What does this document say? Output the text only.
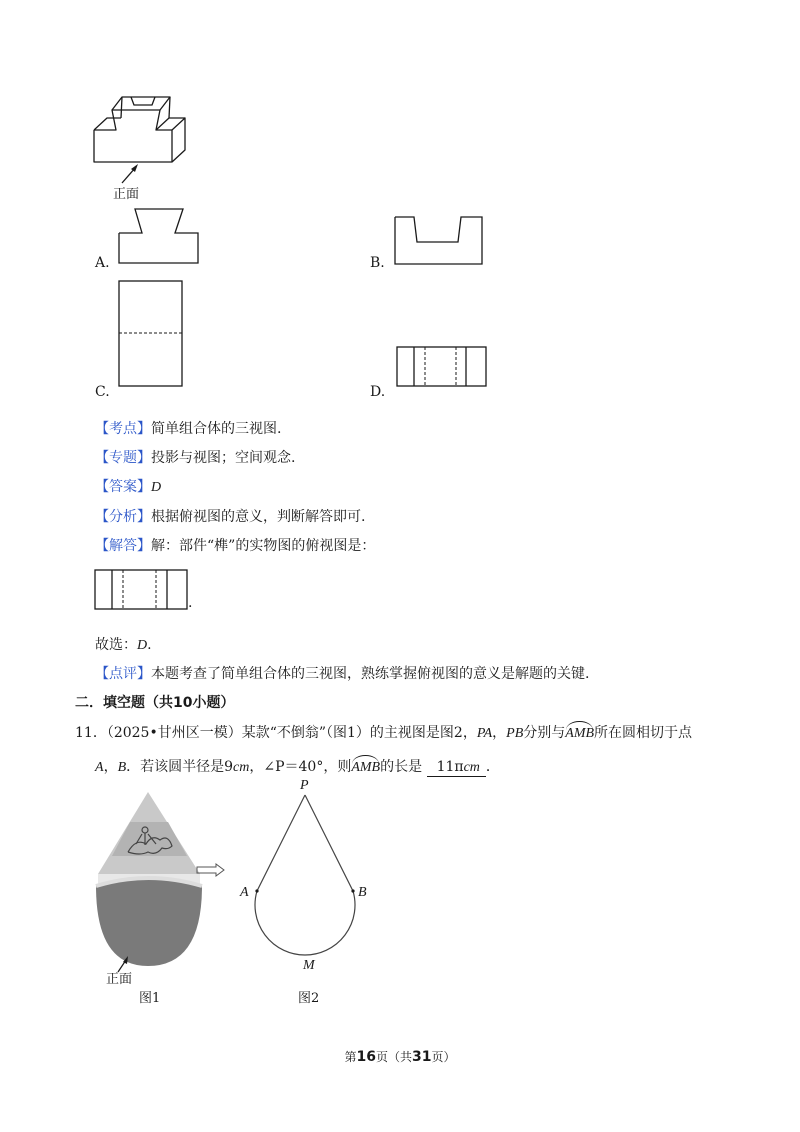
正面
A.	B.
C.	D.
【考点】简单组合体的三视图.
【专题】投影与视图；空间观念.
【答案】D
【分析】根据俯视图的意义，判断解答即可.
【解答】解：部件“榫”的实物图的俯视图是：
.
故选：D.
【点评】本题考查了简单组合体的三视图，熟练掌握俯视图的意义是解题的关键.
二．填空题（共10小题）
11．（2025•甘州区一模）某款“不倒翁”（图1）的主视图是图2，PA，PB分别与AMB所在圆相切于点
A，B．若该圆半径是9cm，∠P＝40°，则AMB的长是 11πcm ．
正面
图1
P
A	B
M
图2
第16页（共31页）
